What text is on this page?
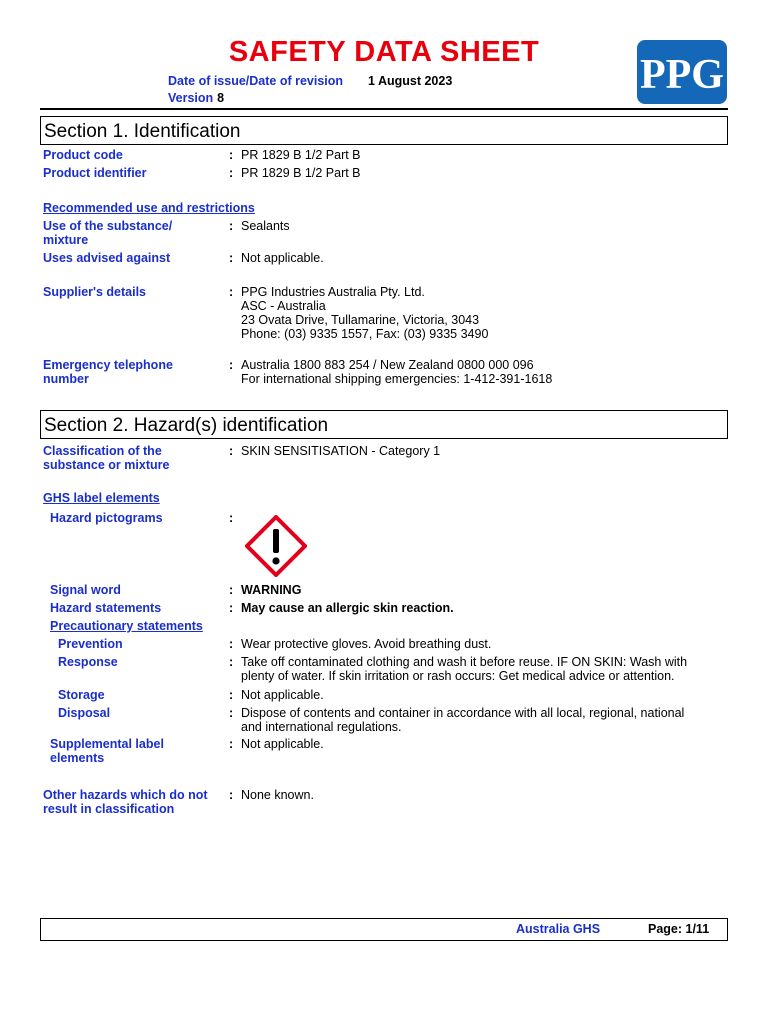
SAFETY DATA SHEET
Date of issue/Date of revision 1 August 2023
Version 8	PPG
Section 1. Identification
Product code	: PR 1829 B 1/2 Part B
Product identifier	: PR 1829 B 1/2 Part B
Recommended use and restrictions
Use of the substance/
mixture
: Sealants
Uses advised against	: Not applicable.
Supplier's details	: PPG Industries Australia Pty. Ltd.
ASC - Australia
23 Ovata Drive, Tullamarine, Victoria, 3043
Phone: (03) 9335 1557, Fax: (03) 9335 3490
Emergency telephone
number
: Australia 1800 883 254 / New Zealand 0800 000 096
For international shipping emergencies: 1-412-391-1618
Section 2. Hazard(s) identification
Classification of the
substance or mixture
: SKIN SENSITISATION - Category 1
GHS label elements
Hazard pictograms	:
Signal word	: WARNING
Hazard statements	: May cause an allergic skin reaction.
Precautionary statements
Prevention	: Wear protective gloves. Avoid breathing dust.
Response	: Take off contaminated clothing and wash it before reuse. IF ON SKIN: Wash with
plenty of water. If skin irritation or rash occurs: Get medical advice or attention.
Storage	: Not applicable.
Disposal	: Dispose of contents and container in accordance with all local, regional, national
and international regulations.
Supplemental label
elements
: Not applicable.
Other hazards which do not
result in classification
: None known.
Australia GHS	Page: 1/11
